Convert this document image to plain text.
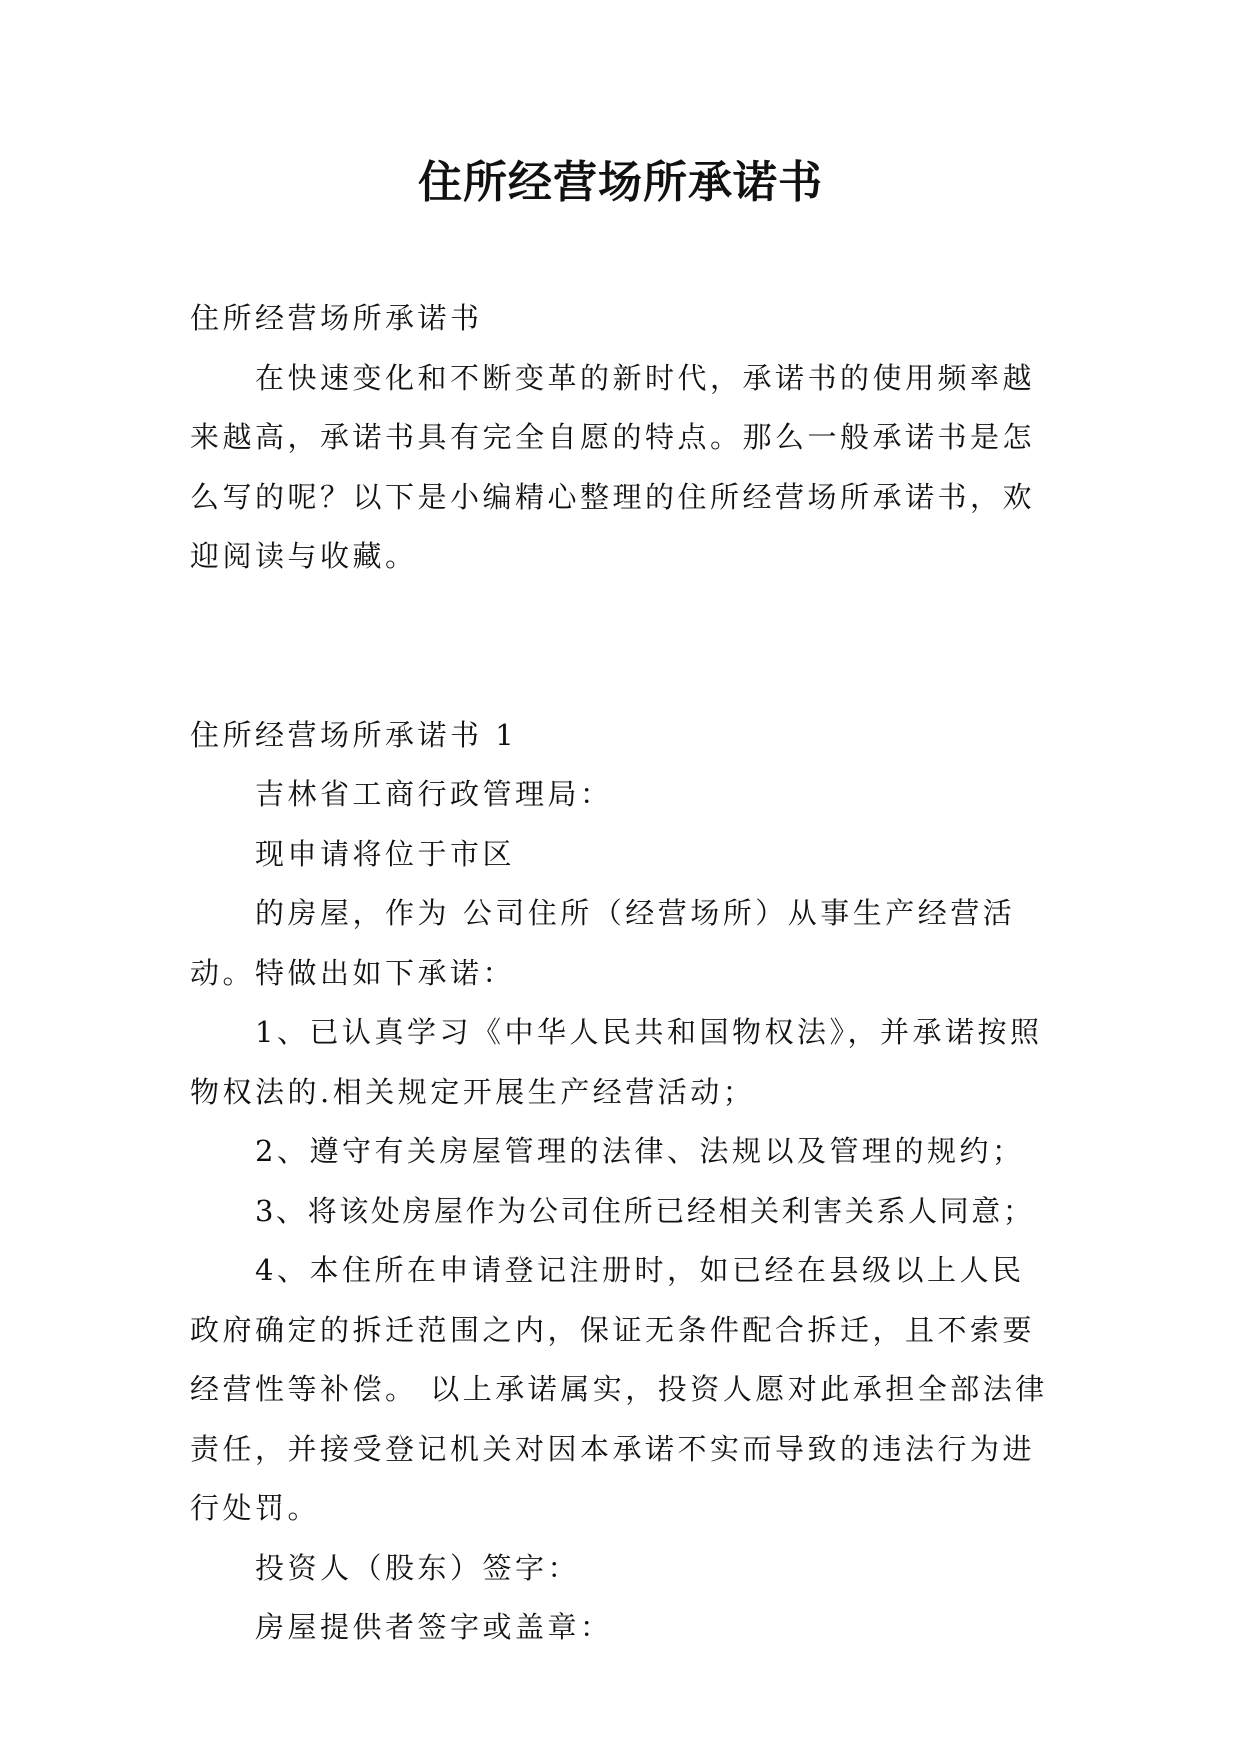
住所经营场所承诺书

住所经营场所承诺书

在快速变化和不断变革的新时代，承诺书的使用频率越来越高，承诺书具有完全自愿的特点。那么一般承诺书是怎么写的呢？以下是小编精心整理的住所经营场所承诺书，欢迎阅读与收藏。

住所经营场所承诺书 1

吉林省工商行政管理局：

现申请将位于市区

的房屋，作为 公司住所（经营场所）从事生产经营活动。特做出如下承诺：

1、已认真学习《中华人民共和国物权法》，并承诺按照物权法的.相关规定开展生产经营活动；

2、遵守有关房屋管理的法律、法规以及管理的规约；

3、将该处房屋作为公司住所已经相关利害关系人同意；

4、本住所在申请登记注册时，如已经在县级以上人民政府确定的拆迁范围之内，保证无条件配合拆迁，且不索要经营性等补偿。 以上承诺属实，投资人愿对此承担全部法律责任，并接受登记机关对因本承诺不实而导致的违法行为进行处罚。

投资人（股东）签字：

房屋提供者签字或盖章：
